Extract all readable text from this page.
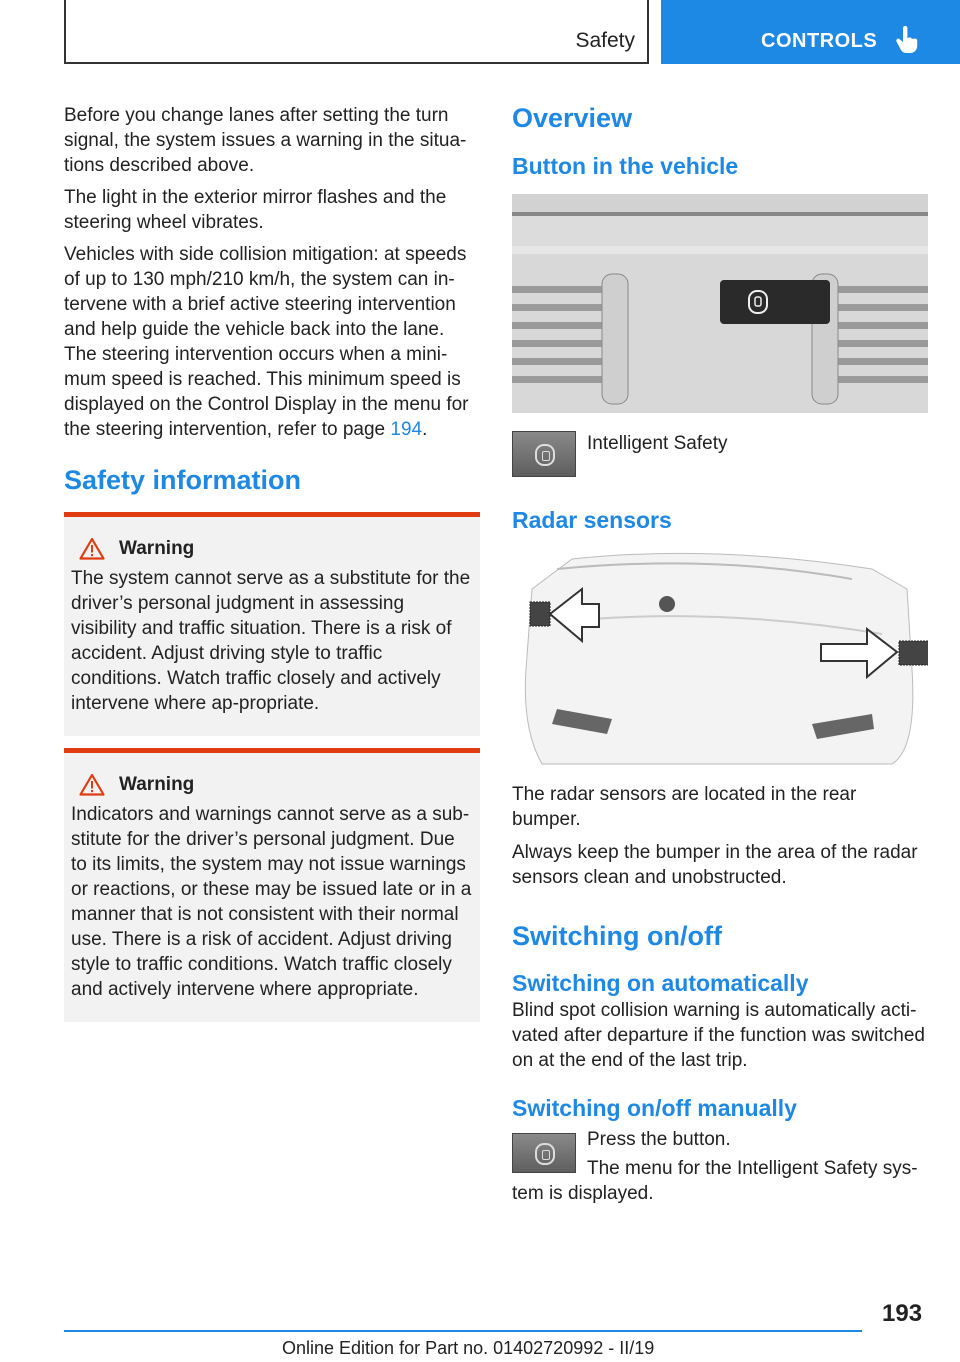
Safety	CONTROLS

Before you change lanes after setting the turn signal, the system issues a warning in the situa‐tions described above.

The light in the exterior mirror flashes and the steering wheel vibrates.

Vehicles with side collision mitigation: at speeds of up to 130 mph/210 km/h, the system can in‐tervene with a brief active steering intervention and help guide the vehicle back into the lane. The steering intervention occurs when a mini‐mum speed is reached. This minimum speed is displayed on the Control Display in the menu for the steering intervention, refer to page 194.

Safety information
Warning

The system cannot serve as a substitute for the driver’s personal judgment in assessing visibility and traffic situation. There is a risk of accident. Adjust driving style to traffic conditions. Watch traffic closely and actively intervene where ap‐propriate.

Warning

Indicators and warnings cannot serve as a sub‐stitute for the driver’s personal judgment. Due to its limits, the system may not issue warnings or reactions, or these may be issued late or in a manner that is not consistent with their normal use. There is a risk of accident. Adjust driving style to traffic conditions. Watch traffic closely and actively intervene where appropriate.

Overview
Button in the vehicle
Intelligent Safety
Radar sensors

The radar sensors are located in the rear bumper.

Always keep the bumper in the area of the radar sensors clean and unobstructed.

Switching on/off
Switching on automatically

Blind spot collision warning is automatically acti‐vated after departure if the function was switched on at the end of the last trip.

Switching on/off manually

Press the button.

The menu for the Intelligent Safety sys‐tem is displayed.

193
Online Edition for Part no. 01402720992 - II/19
